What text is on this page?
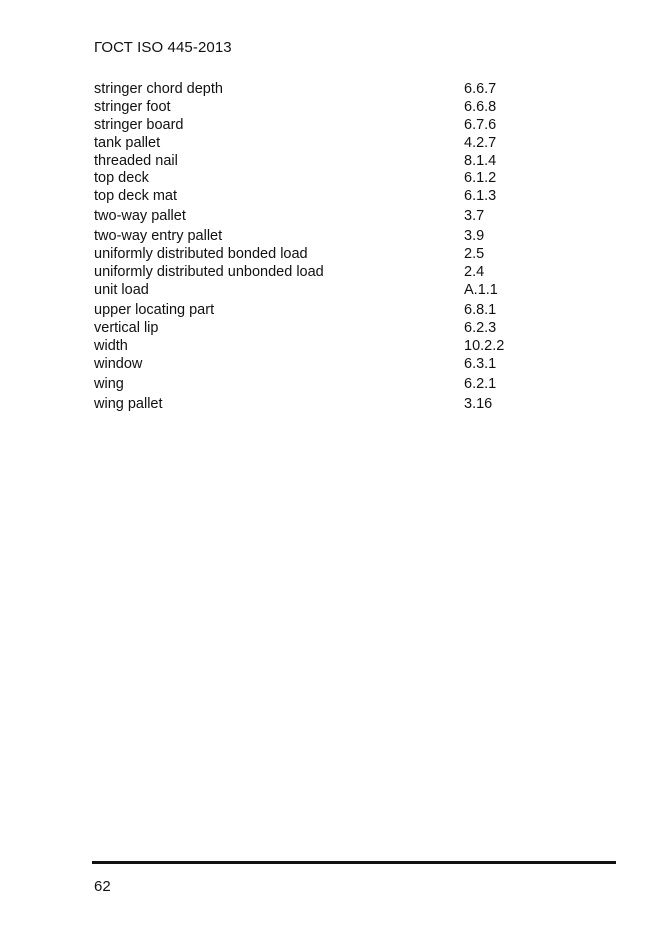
ГОСТ ISO 445-2013
stringer chord depth	6.6.7
stringer foot	6.6.8
stringer board	6.7.6
tank pallet	4.2.7
threaded nail	8.1.4
top deck	6.1.2
top deck mat	6.1.3
two-way pallet	3.7
two-way entry pallet	3.9
uniformly distributed bonded load	2.5
uniformly distributed unbonded load	2.4
unit load	A.1.1
upper locating part	6.8.1
vertical lip	6.2.3
width	10.2.2
window	6.3.1
wing	6.2.1
wing pallet	3.16
62
